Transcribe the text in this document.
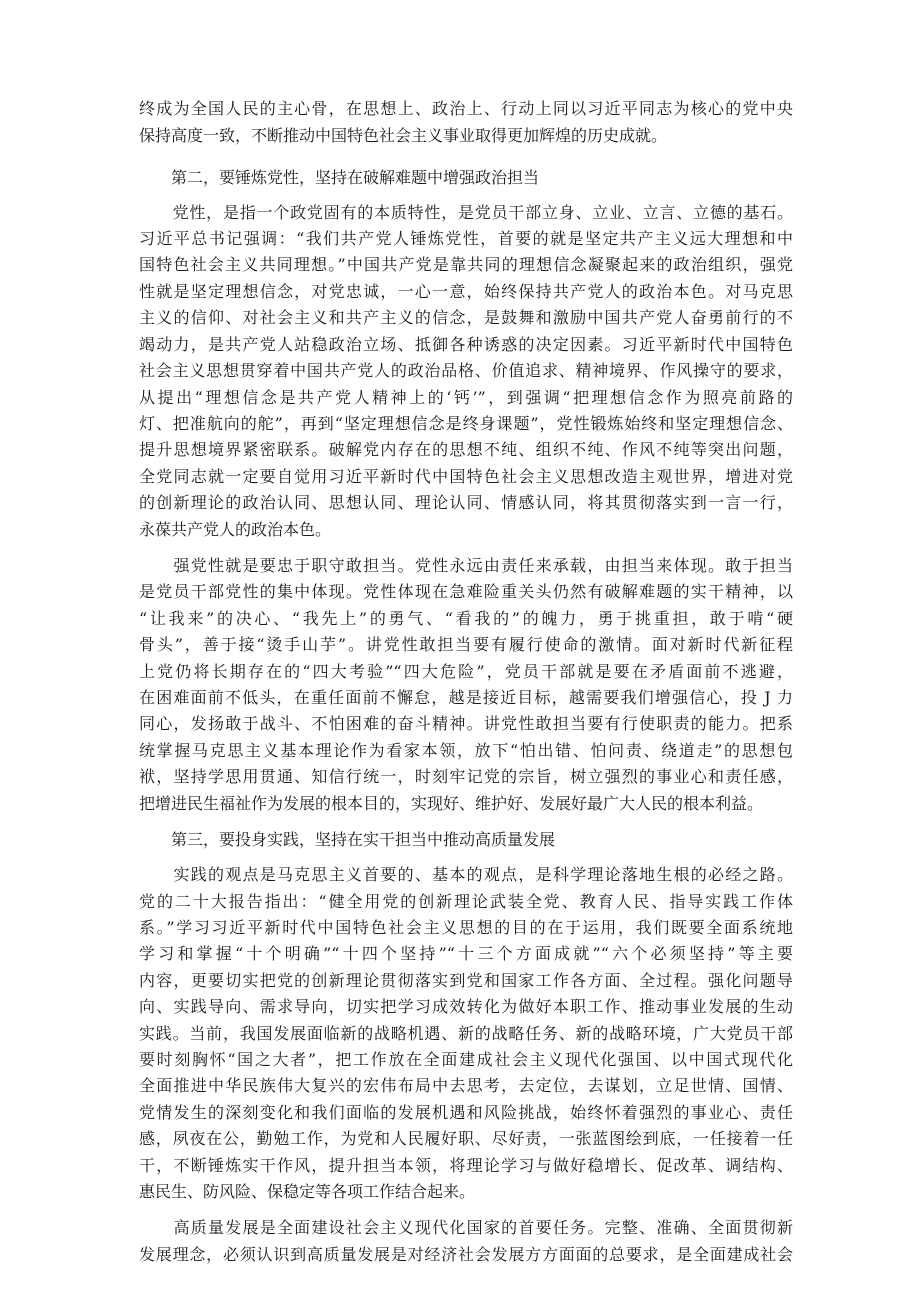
终成为全国人民的主心骨，在思想上、政治上、行动上同以习近平同志为核心的党中央
保持高度一致，不断推动中国特色社会主义事业取得更加辉煌的历史成就。
　　第二，要锤炼党性，坚持在破解难题中增强政治担当
　　党性，是指一个政党固有的本质特性，是党员干部立身、立业、立言、立德的基石。
习近平总书记强调：“我们共产党人锤炼党性，首要的就是坚定共产主义远大理想和中
国特色社会主义共同理想。”中国共产党是靠共同的理想信念凝聚起来的政治组织，强党
性就是坚定理想信念，对党忠诚，一心一意，始终保持共产党人的政治本色。对马克思
主义的信仰、对社会主义和共产主义的信念，是鼓舞和激励中国共产党人奋勇前行的不
竭动力，是共产党人站稳政治立场、抵御各种诱惑的决定因素。习近平新时代中国特色
社会主义思想贯穿着中国共产党人的政治品格、价值追求、精神境界、作风操守的要求，
从提出“理想信念是共产党人精神上的‘钙’”，到强调“把理想信念作为照亮前路的
灯、把准航向的舵”，再到“坚定理想信念是终身课题”，党性锻炼始终和坚定理想信念、
提升思想境界紧密联系。破解党内存在的思想不纯、组织不纯、作风不纯等突出问题，
全党同志就一定要自觉用习近平新时代中国特色社会主义思想改造主观世界，增进对党
的创新理论的政治认同、思想认同、理论认同、情感认同，将其贯彻落实到一言一行，
永葆共产党人的政治本色。
　　强党性就是要忠于职守敢担当。党性永远由责任来承载，由担当来体现。敢于担当
是党员干部党性的集中体现。党性体现在急难险重关头仍然有破解难题的实干精神，以
“让我来”的决心、“我先上”的勇气、“看我的”的魄力，勇于挑重担，敢于啃“硬
骨头”，善于接“烫手山芋”。讲党性敢担当要有履行使命的激情。面对新时代新征程
上党仍将长期存在的“四大考验”“四大危险”，党员干部就是要在矛盾面前不逃避，
在困难面前不低头，在重任面前不懈怠，越是接近目标，越需要我们增强信心，投 J 力
同心，发扬敢于战斗、不怕困难的奋斗精神。讲党性敢担当要有行使职责的能力。把系
统掌握马克思主义基本理论作为看家本领，放下“怕出错、怕问责、绕道走”的思想包
袱，坚持学思用贯通、知信行统一，时刻牢记党的宗旨，树立强烈的事业心和责任感，
把增进民生福祉作为发展的根本目的，实现好、维护好、发展好最广大人民的根本利益。
　　第三，要投身实践，坚持在实干担当中推动高质量发展
　　实践的观点是马克思主义首要的、基本的观点，是科学理论落地生根的必经之路。
党的二十大报告指出：“健全用党的创新理论武装全党、教育人民、指导实践工作体
系。”学习习近平新时代中国特色社会主义思想的目的在于运用，我们既要全面系统地
学习和掌握“十个明确”“十四个坚持”“十三个方面成就”“六个必须坚持”等主要
内容，更要切实把党的创新理论贯彻落实到党和国家工作各方面、全过程。强化问题导
向、实践导向、需求导向，切实把学习成效转化为做好本职工作、推动事业发展的生动
实践。当前，我国发展面临新的战略机遇、新的战略任务、新的战略环境，广大党员干部
要时刻胸怀“国之大者”，把工作放在全面建成社会主义现代化强国、以中国式现代化
全面推进中华民族伟大复兴的宏伟布局中去思考，去定位，去谋划，立足世情、国情、
党情发生的深刻变化和我们面临的发展机遇和风险挑战，始终怀着强烈的事业心、责任
感，夙夜在公，勤勉工作，为党和人民履好职、尽好责，一张蓝图绘到底，一任接着一任
干，不断锤炼实干作风，提升担当本领，将理论学习与做好稳增长、促改革、调结构、
惠民生、防风险、保稳定等各项工作结合起来。
　　高质量发展是全面建设社会主义现代化国家的首要任务。完整、准确、全面贯彻新
发展理念，必须认识到高质量发展是对经济社会发展方方面面的总要求，是全面建成社会
